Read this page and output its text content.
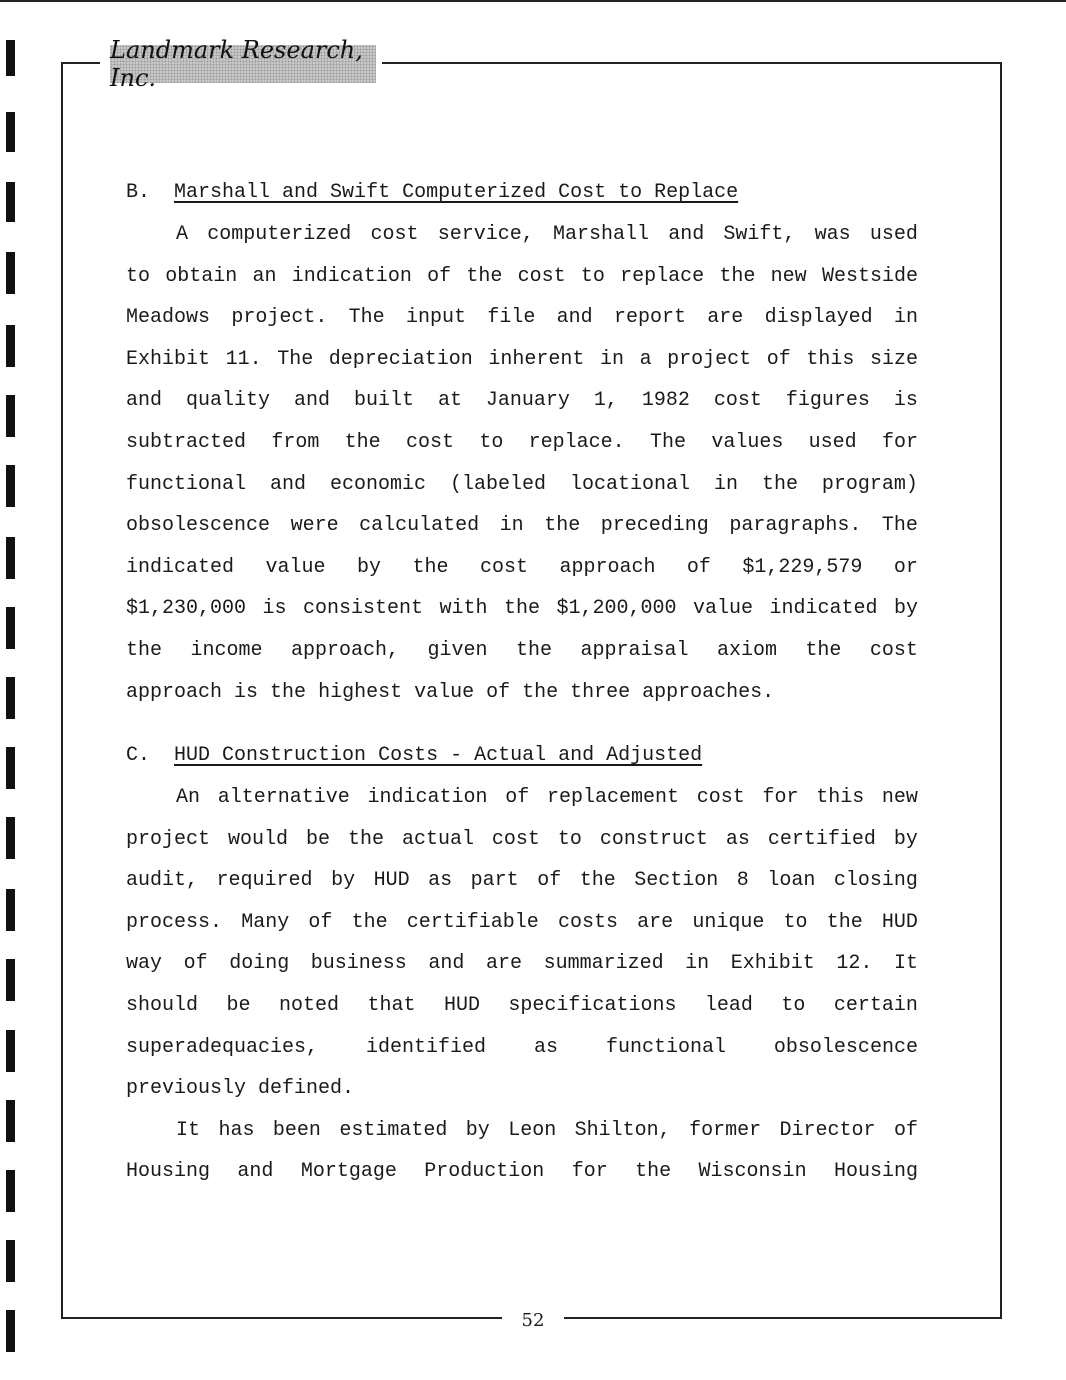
Landmark Research, Inc.
B. Marshall and Swift Computerized Cost to Replace
A computerized cost service, Marshall and Swift, was used
to obtain an indication of the cost to replace the new Westside
Meadows project. The input file and report are displayed in
Exhibit 11. The depreciation inherent in a project of this size
and quality and built at January 1, 1982 cost figures is
subtracted from the cost to replace. The values used for
functional and economic (labeled locational in the program)
obsolescence were calculated in the preceding paragraphs. The
indicated value by the cost approach of $1,229,579 or
$1,230,000 is consistent with the $1,200,000 value indicated by
the income approach, given the appraisal axiom the cost
approach is the highest value of the three approaches.
C. HUD Construction Costs - Actual and Adjusted
An alternative indication of replacement cost for this new
project would be the actual cost to construct as certified by
audit, required by HUD as part of the Section 8 loan closing
process. Many of the certifiable costs are unique to the HUD
way of doing business and are summarized in Exhibit 12. It
should be noted that HUD specifications lead to certain
superadequacies, identified as functional obsolescence
previously defined.
It has been estimated by Leon Shilton, former Director of
Housing and Mortgage Production for the Wisconsin Housing
52
